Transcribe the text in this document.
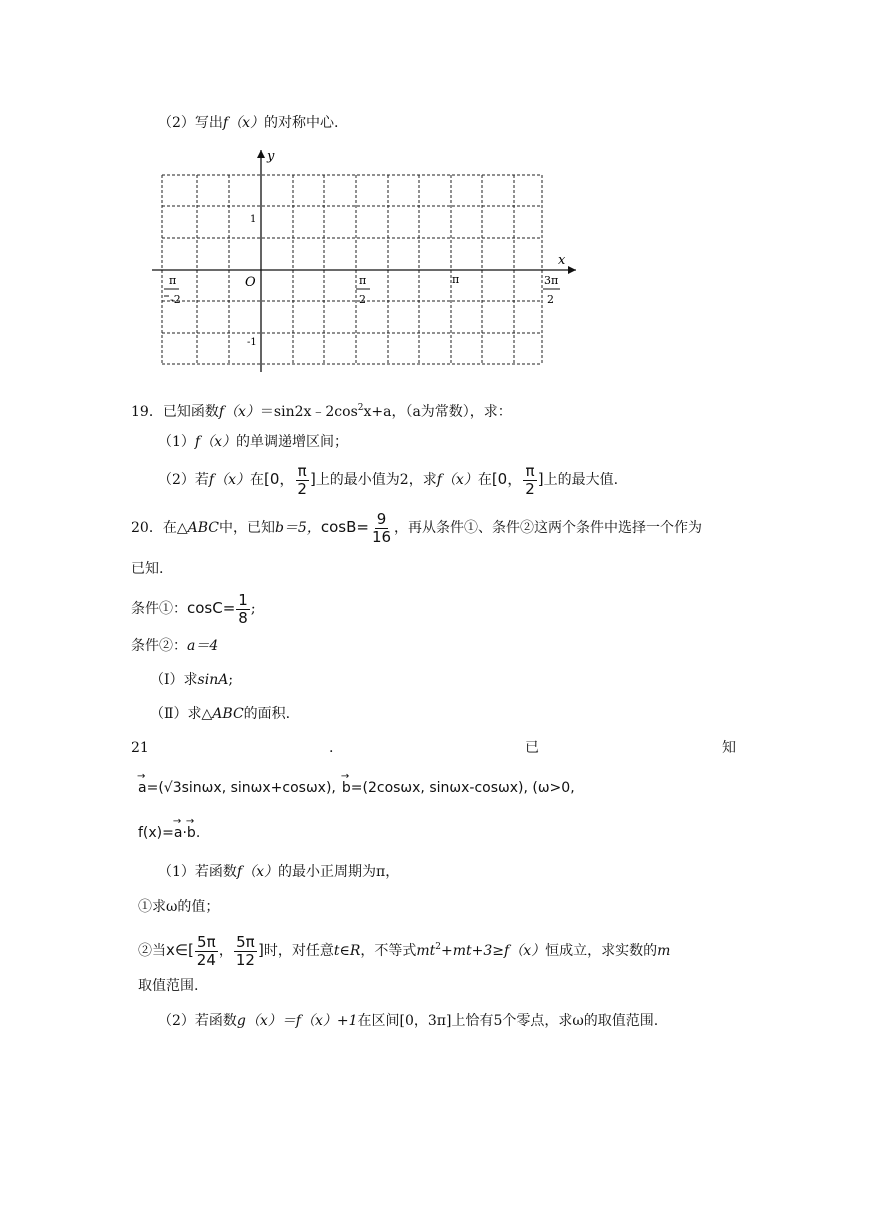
（2）写出f（x）的对称中心.
y
x
O
1
-1
π
-2
π
2
π	3π
2
19．已知函数$f(x)=\sin 2x﹣2\cos^2x+a$，（a为常数），求：
（1）f（x）的单调递增区间；
（2）若f（x）在[0， $\frac{\pi}{2}$ ]上的最小值为2，求f（x）在[0， $\frac{\pi}{2}$ ]上的最大值.
20．在△ABC中，已知b＝5，$\cos B= \frac{9}{16}$ ，再从条件①、条件②这两个条件中选择一个作为
已知.
条件①：$\cos C= \frac{1}{8}$ ;
条件②：a＝4
（Ⅰ）求sinA;
（Ⅱ）求△ABC的面积.
21	.	已	知
→ a=(√3sinωx, sinωx+cosωx),→ b=(2cosωx, sinωx-cosωx), (ω>0,
f(x)=→ a·→ b.
（1）若函数f（x）的最小正周期为π，
①求ω的值；
②当x∈[ $\frac{5\pi}{24}$ ， $\frac{5\pi}{12}$ ]时，对任意t∈R，不等式$mt^2+mt+3\ge f(x)$恒成立，求实数的m
取值范围.
（2）若函数g（x）＝f（x）+1在区间[0，3π]上恰有5个零点，求ω的取值范围.
